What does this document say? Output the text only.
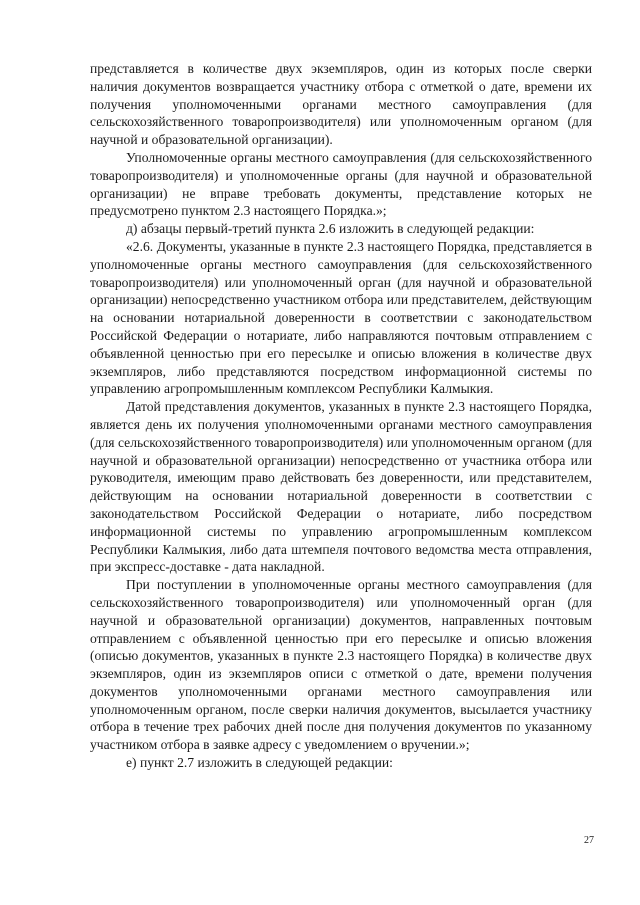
представляется в количестве двух экземпляров, один из которых после сверки наличия документов возвращается участнику отбора с отметкой о дате, времени их получения уполномоченными органами местного самоуправления (для сельскохозяйственного товаропроизводителя) или уполномоченным органом (для научной и образовательной организации).

Уполномоченные органы местного самоуправления (для сельскохозяйственного товаропроизводителя) и уполномоченные органы (для научной и образовательной организации) не вправе требовать документы, представление которых не предусмотрено пунктом 2.3 настоящего Порядка.»;

д) абзацы первый-третий пункта 2.6 изложить в следующей редакции:

«2.6. Документы, указанные в пункте 2.3 настоящего Порядка, представляется в уполномоченные органы местного самоуправления (для сельскохозяйственного товаропроизводителя) или уполномоченный орган (для научной и образовательной организации) непосредственно участником отбора или представителем, действующим на основании нотариальной доверенности в соответствии с законодательством Российской Федерации о нотариате, либо направляются почтовым отправлением с объявленной ценностью при его пересылке и описью вложения в количестве двух экземпляров, либо представляются посредством информационной системы по управлению агропромышленным комплексом Республики Калмыкия.

Датой представления документов, указанных в пункте 2.3 настоящего Порядка, является день их получения уполномоченными органами местного самоуправления (для сельскохозяйственного товаропроизводителя) или уполномоченным органом (для научной и образовательной организации) непосредственно от участника отбора или руководителя, имеющим право действовать без доверенности, или представителем, действующим на основании нотариальной доверенности в соответствии с законодательством Российской Федерации о нотариате, либо посредством информационной системы по управлению агропромышленным комплексом Республики Калмыкия, либо дата штемпеля почтового ведомства места отправления, при экспресс-доставке - дата накладной.

При поступлении в уполномоченные органы местного самоуправления (для сельскохозяйственного товаропроизводителя) или уполномоченный орган (для научной и образовательной организации) документов, направленных почтовым отправлением с объявленной ценностью при его пересылке и описью вложения (описью документов, указанных в пункте 2.3 настоящего Порядка) в количестве двух экземпляров, один из экземпляров описи с отметкой о дате, времени получения документов уполномоченными органами местного самоуправления или уполномоченным органом, после сверки наличия документов, высылается участнику отбора в течение трех рабочих дней после дня получения документов по указанному участником отбора в заявке адресу с уведомлением о вручении.»;

е) пункт 2.7 изложить в следующей редакции:

27
